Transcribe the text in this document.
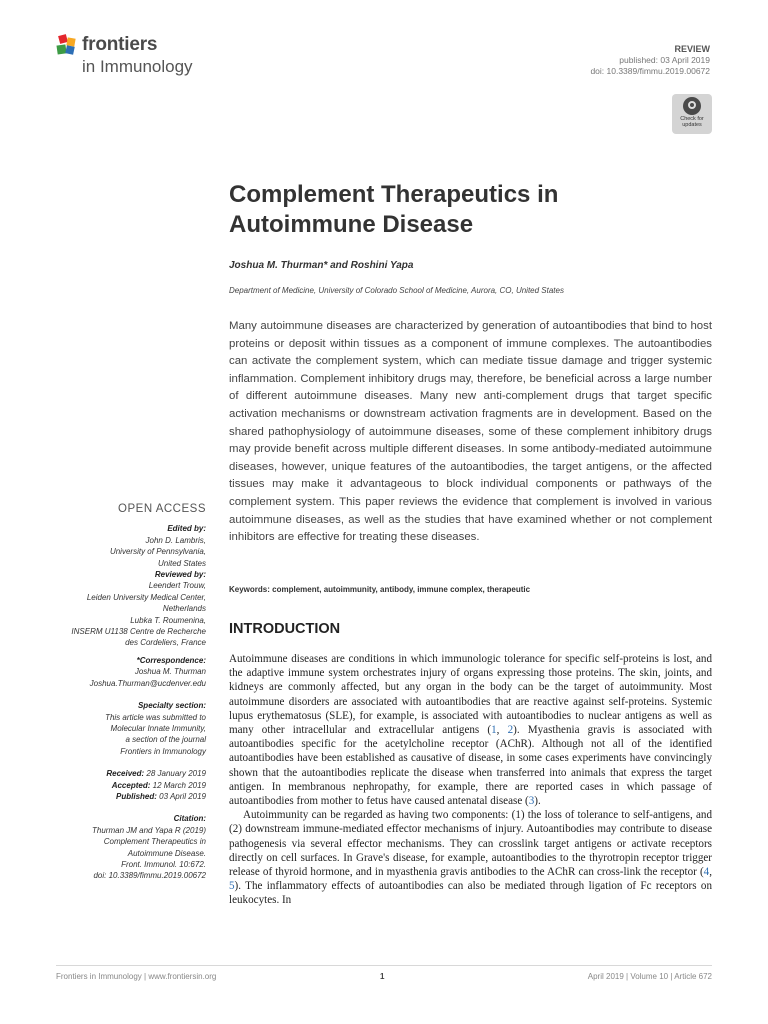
frontiers
in Immunology
REVIEW
published: 03 April 2019
doi: 10.3389/fimmu.2019.00672
Check for
updates
Complement Therapeutics in
Autoimmune Disease
Joshua M. Thurman* and Roshini Yapa
Department of Medicine, University of Colorado School of Medicine, Aurora, CO, United States
Many autoimmune diseases are characterized by generation of autoantibodies that bind to host proteins or deposit within tissues as a component of immune complexes. The autoantibodies can activate the complement system, which can mediate tissue damage and trigger systemic inflammation. Complement inhibitory drugs may, therefore, be beneficial across a large number of different autoimmune diseases. Many new anti-complement drugs that target specific activation mechanisms or downstream activation fragments are in development. Based on the shared pathophysiology of autoimmune diseases, some of these complement inhibitory drugs may provide benefit across multiple different diseases. In some antibody-mediated autoimmune diseases, however, unique features of the autoantibodies, the target antigens, or the affected tissues may make it advantageous to block individual components or pathways of the complement system. This paper reviews the evidence that complement is involved in various autoimmune diseases, as well as the studies that have examined whether or not complement inhibitors are effective for treating these diseases.
Keywords: complement, autoimmunity, antibody, immune complex, therapeutic
INTRODUCTION

Autoimmune diseases are conditions in which immunologic tolerance for specific self-proteins is lost, and the adaptive immune system orchestrates injury of organs expressing those proteins. The skin, joints, and kidneys are commonly affected, but any organ in the body can be the target of autoimmunity. Most autoimmune disorders are associated with autoantibodies that are reactive against self-proteins. Systemic lupus erythematosus (SLE), for example, is associated with autoantibodies to nuclear antigens as well as many other intracellular and extracellular antigens (1, 2). Myasthenia gravis is associated with autoantibodies specific for the acetylcholine receptor (AChR). Although not all of the identified autoantibodies have been established as causative of disease, in some cases experiments have convincingly shown that the autoantibodies replicate the disease when transferred into animals that express the target antigen. In membranous nephropathy, for example, there are reported cases in which passage of autoantibodies from mother to fetus have caused antenatal disease (3).

Autoimmunity can be regarded as having two components: (1) the loss of tolerance to self-antigens, and (2) downstream immune-mediated effector mechanisms of injury. Autoantibodies may contribute to disease pathogenesis via several effector mechanisms. They can crosslink target antigens or activate receptors directly on cell surfaces. In Grave's disease, for example, autoantibodies to the thyrotropin receptor trigger release of thyroid hormone, and in myasthenia gravis antibodies to the AChR can cross-link the receptor (4, 5). The inflammatory effects of autoantibodies can also be mediated through ligation of Fc receptors on leukocytes. In

OPEN ACCESS
Edited by:
John D. Lambris,
University of Pennsylvania,
United States
Reviewed by:
Leendert Trouw,
Leiden University Medical Center,
Netherlands
Lubka T. Roumenina,
INSERM U1138 Centre de Recherche
des Cordeliers, France
*Correspondence:
Joshua M. Thurman
Joshua.Thurman@ucdenver.edu
Specialty section:
This article was submitted to
Molecular Innate Immunity,
a section of the journal
Frontiers in Immunology
Received: 28 January 2019
Accepted: 12 March 2019
Published: 03 April 2019
Citation:
Thurman JM and Yapa R (2019)
Complement Therapeutics in
Autoimmune Disease.
Front. Immunol. 10:672.
doi: 10.3389/fimmu.2019.00672
Frontiers in Immunology | www.frontiersin.org	1	April 2019 | Volume 10 | Article 672
